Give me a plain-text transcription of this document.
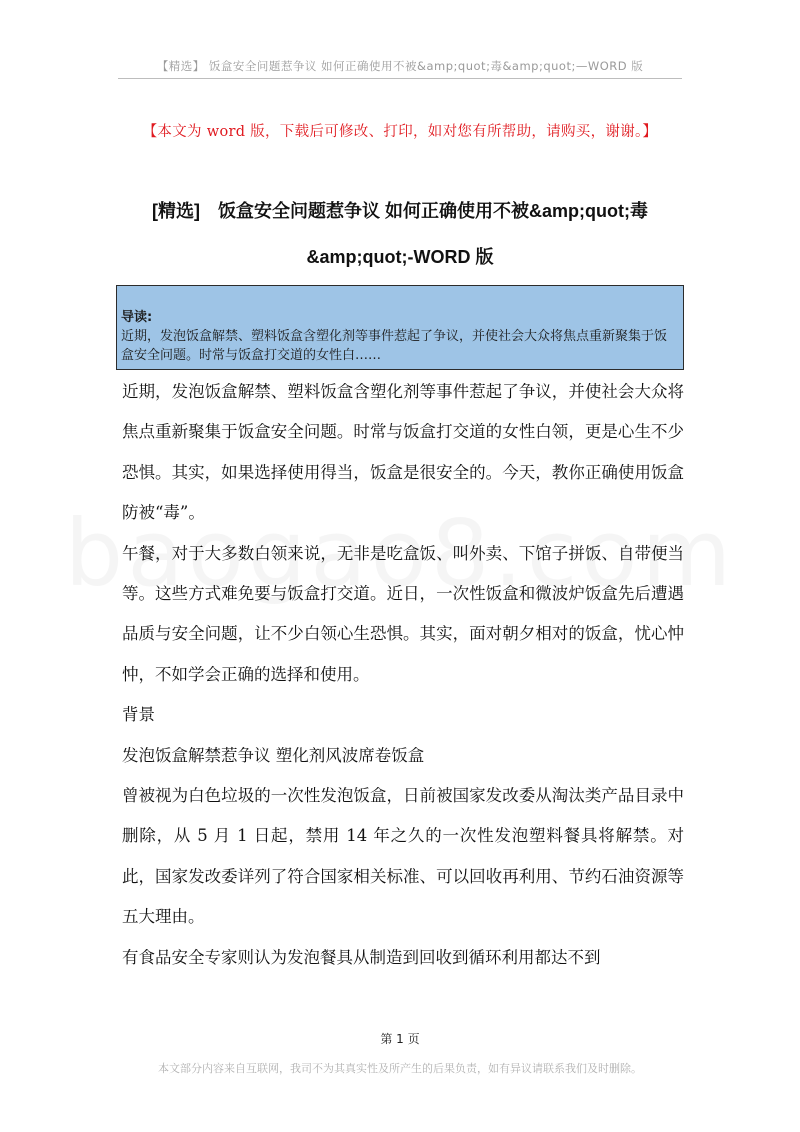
【精选】 饭盒安全问题惹争议 如何正确使用不被&amp;quot;毒&amp;quot;—WORD 版
【本文为 word 版，下载后可修改、打印，如对您有所帮助，请购买，谢谢。】
[精选]　饭盒安全问题惹争议 如何正确使用不被&amp;quot;毒
&amp;quot;-WORD 版
导读:
近期，发泡饭盒解禁、塑料饭盒含塑化剂等事件惹起了争议，并使社会大众将焦点重新聚集于饭盒安全问题。时常与饭盒打交道的女性白……

近期，发泡饭盒解禁、塑料饭盒含塑化剂等事件惹起了争议，并使社会大众将焦点重新聚集于饭盒安全问题。时常与饭盒打交道的女性白领，更是心生不少恐惧。其实，如果选择使用得当，饭盒是很安全的。今天，教你正确使用饭盒防被“毒”。

午餐，对于大多数白领来说，无非是吃盒饭、叫外卖、下馆子拼饭、自带便当等。这些方式难免要与饭盒打交道。近日，一次性饭盒和微波炉饭盒先后遭遇品质与安全问题，让不少白领心生恐惧。其实，面对朝夕相对的饭盒，忧心忡忡，不如学会正确的选择和使用。

背景

发泡饭盒解禁惹争议 塑化剂风波席卷饭盒

曾被视为白色垃圾的一次性发泡饭盒，日前被国家发改委从淘汰类产品目录中删除，从 5 月 1 日起，禁用 14 年之久的一次性发泡塑料餐具将解禁。对此，国家发改委详列了符合国家相关标准、可以回收再利用、节约石油资源等五大理由。

有食品安全专家则认为发泡餐具从制造到回收到循环利用都达不到

第 1 页
本文部分内容来自互联网，我司不为其真实性及所产生的后果负责，如有异议请联系我们及时删除。
